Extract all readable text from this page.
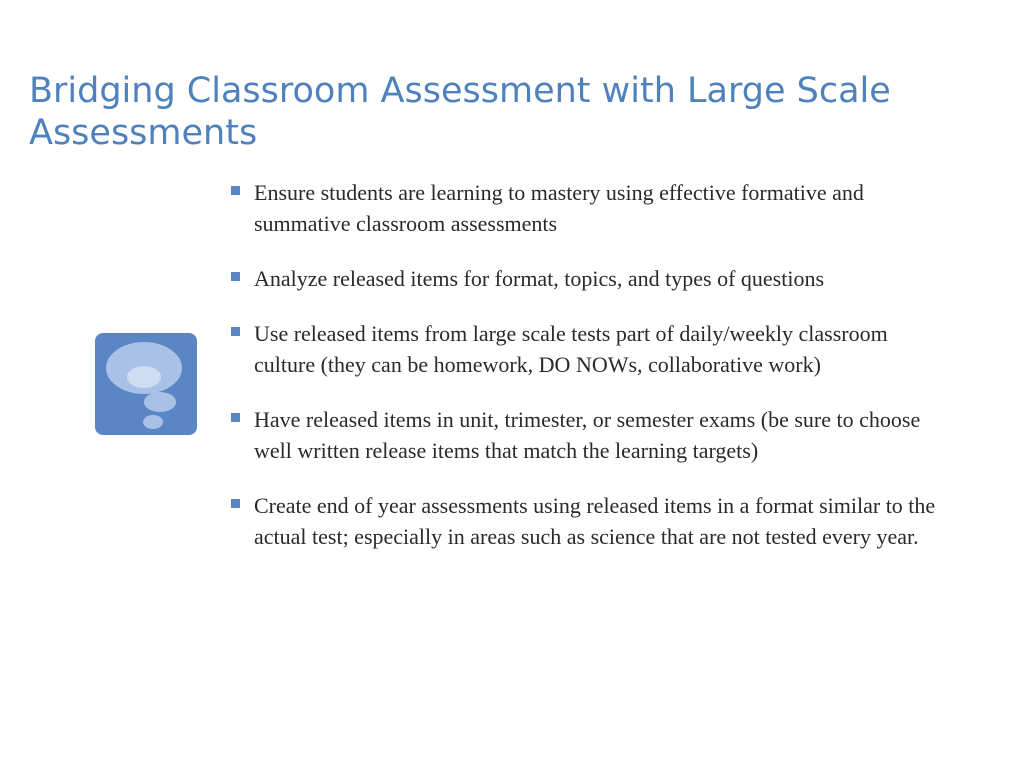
Bridging Classroom Assessment with Large Scale Assessments
Ensure students are learning to mastery using effective formative and summative classroom assessments
Analyze released items for format, topics, and types of questions
Use released items from large scale tests part of daily/weekly classroom culture (they can be homework, DO NOWs, collaborative work)
Have released items in unit, trimester, or semester exams (be sure to choose well written release items that match the learning targets)
Create end of year assessments using released items in a format similar to the actual test; especially in areas such as science that are not tested every year.
